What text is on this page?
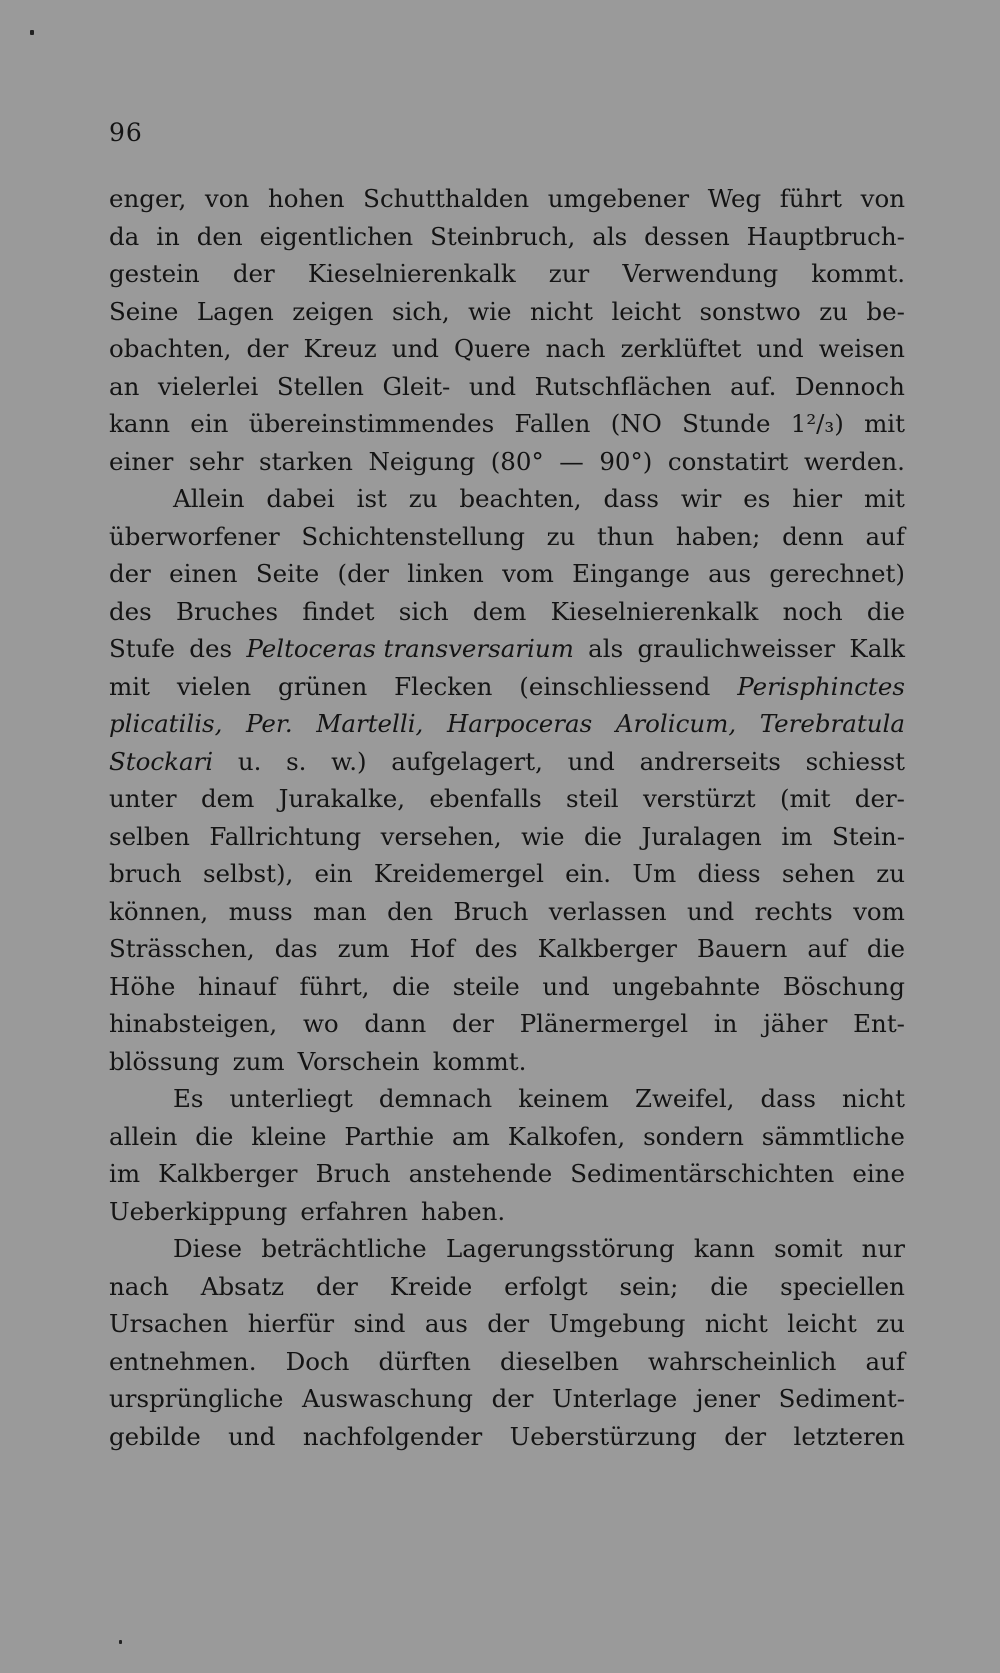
96
enger, von hohen Schutthalden umgebener Weg führt von
da in den eigentlichen Steinbruch, als dessen Hauptbruch-
gestein der Kieselnierenkalk zur Verwendung kommt.
Seine Lagen zeigen sich, wie nicht leicht sonstwo zu be-
obachten, der Kreuz und Quere nach zerklüftet und weisen
an vielerlei Stellen Gleit- und Rutschflächen auf. Dennoch
kann ein übereinstimmendes Fallen (NO Stunde 1²/₃) mit
einer sehr starken Neigung (80° — 90°) constatirt werden.
Allein dabei ist zu beachten, dass wir es hier mit
überworfener Schichtenstellung zu thun haben; denn auf
der einen Seite (der linken vom Eingange aus gerechnet)
des Bruches findet sich dem Kieselnierenkalk noch die
Stufe des Peltoceras transversarium als graulichweisser Kalk
mit vielen grünen Flecken (einschliessend Perisphinctes
plicatilis, Per. Martelli, Harpoceras Arolicum, Terebratula
Stockari u. s. w.) aufgelagert, und andrerseits schiesst
unter dem Jurakalke, ebenfalls steil verstürzt (mit der-
selben Fallrichtung versehen, wie die Juralagen im Stein-
bruch selbst), ein Kreidemergel ein. Um diess sehen zu
können, muss man den Bruch verlassen und rechts vom
Strässchen, das zum Hof des Kalkberger Bauern auf die
Höhe hinauf führt, die steile und ungebahnte Böschung
hinabsteigen, wo dann der Plänermergel in jäher Ent-
blössung zum Vorschein kommt.
Es unterliegt demnach keinem Zweifel, dass nicht
allein die kleine Parthie am Kalkofen, sondern sämmtliche
im Kalkberger Bruch anstehende Sedimentärschichten eine
Ueberkippung erfahren haben.
Diese beträchtliche Lagerungsstörung kann somit nur
nach Absatz der Kreide erfolgt sein; die speciellen
Ursachen hierfür sind aus der Umgebung nicht leicht zu
entnehmen. Doch dürften dieselben wahrscheinlich auf
ursprüngliche Auswaschung der Unterlage jener Sediment-
gebilde und nachfolgender Ueberstürzung der letzteren
